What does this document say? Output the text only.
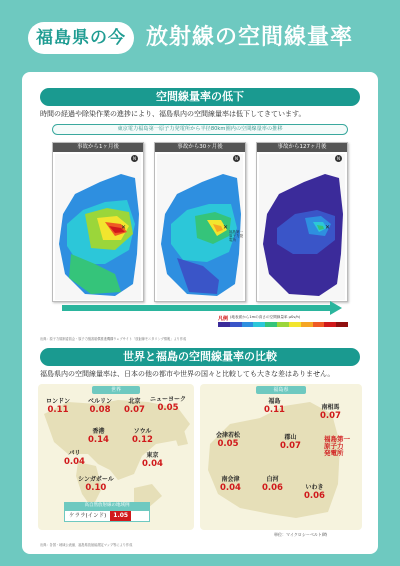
福島県の今 放射線の空間線量率
空間線量率の低下
時間の経過や除染作業の進捗により、福島県内の空間線量率は低下してきています。
東京電力福島第一原子力発電所から半径80km圏内の空間線量率の推移
事故から1ヶ月後
N
✕
事故から30ヶ月後
N
✕
福島第一原子力発電所
事故から127ヶ月後
N
✕
凡例 (地表面から1mの高さの空間線量率 μSv/h)
出典：原子力規制委員会・原子力損害賠償推進機構ウェブサイト「放射線モニタリング情報」より作成
世界と福島の空間線量率の比較
福島県内の空間線量率は、日本の他の都市や世界の国々と比較しても大きな差はありません。
世界
ロンドン
0.11
ベルリン
0.08
北京
0.07
ニューヨーク
0.05
香港
0.14
ソウル
0.12
パリ
0.04
東京
0.04
シンガポール
0.10
福島県
福島
0.11	南相馬
0.07
会津若松
0.05
郡山
0.07
南会津
0.04
白河
0.06	いわき
0.06
福島第一
原子力
発電所
高自然放射線の地域例
ケララ(インド) 1.05
単位：マイクロシーベルト/時
出典：各国・地域公表値、福島県放射能測定マップ等により作成
